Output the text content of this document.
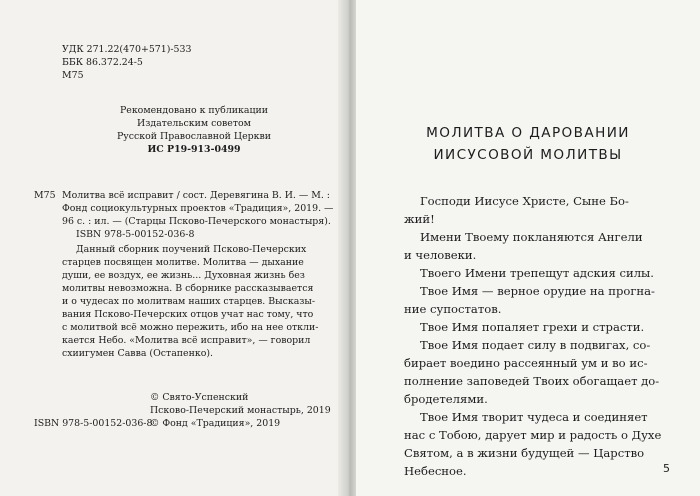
УДК 271.22(470+571)-533
ББК 86.372.24-5
М75
Рекомендовано к публикации
Издательским советом
Русской Православной Церкви
ИС Р19-913-0499
М75 Молитва всё исправит / сост. Деревягина В. И. — М. :
Фонд социокультурных проектов «Традиция», 2019. —
96 с. : ил. — (Старцы Псково-Печерского монастыря).
ISBN 978-5-00152-036-8
Данный сборник поучений Псково-Печерских
старцев посвящен молитве. Молитва — дыхание
души, ее воздух, ее жизнь... Духовная жизнь без
молитвы невозможна. В сборнике рассказывается
и о чудесах по молитвам наших старцев. Высказы-
вания Псково-Печерских отцов учат нас тому, что
с молитвой всё можно пережить, ибо на нее откли-
кается Небо. «Молитва всё исправит», — говорил
схиигумен Савва (Остапенко).
© Свято-Успенский
Псково-Печерский монастырь, 2019
© Фонд «Традиция», 2019
ISBN 978-5-00152-036-8
МОЛИТВА О ДАРОВАНИИ
ИИСУСОВОЙ МОЛИТВЫ
Господи Иисусе Христе, Сыне Бо-
жий!
Имени Твоему покланяются Ангели
и человеки.
Твоего Имени трепещут адския силы.
Твое Имя — верное орудие на прогна-
ние супостатов.
Твое Имя попаляет грехи и страсти.
Твое Имя подает силу в подвигах, со-
бирает воедино рассеянный ум и во ис-
полнение заповедей Твоих обогащает до-
бродетелями.
Твое Имя творит чудеса и соединяет
нас с Тобою, дарует мир и радость о Духе
Святом, а в жизни будущей — Царство
Небесное.	5
